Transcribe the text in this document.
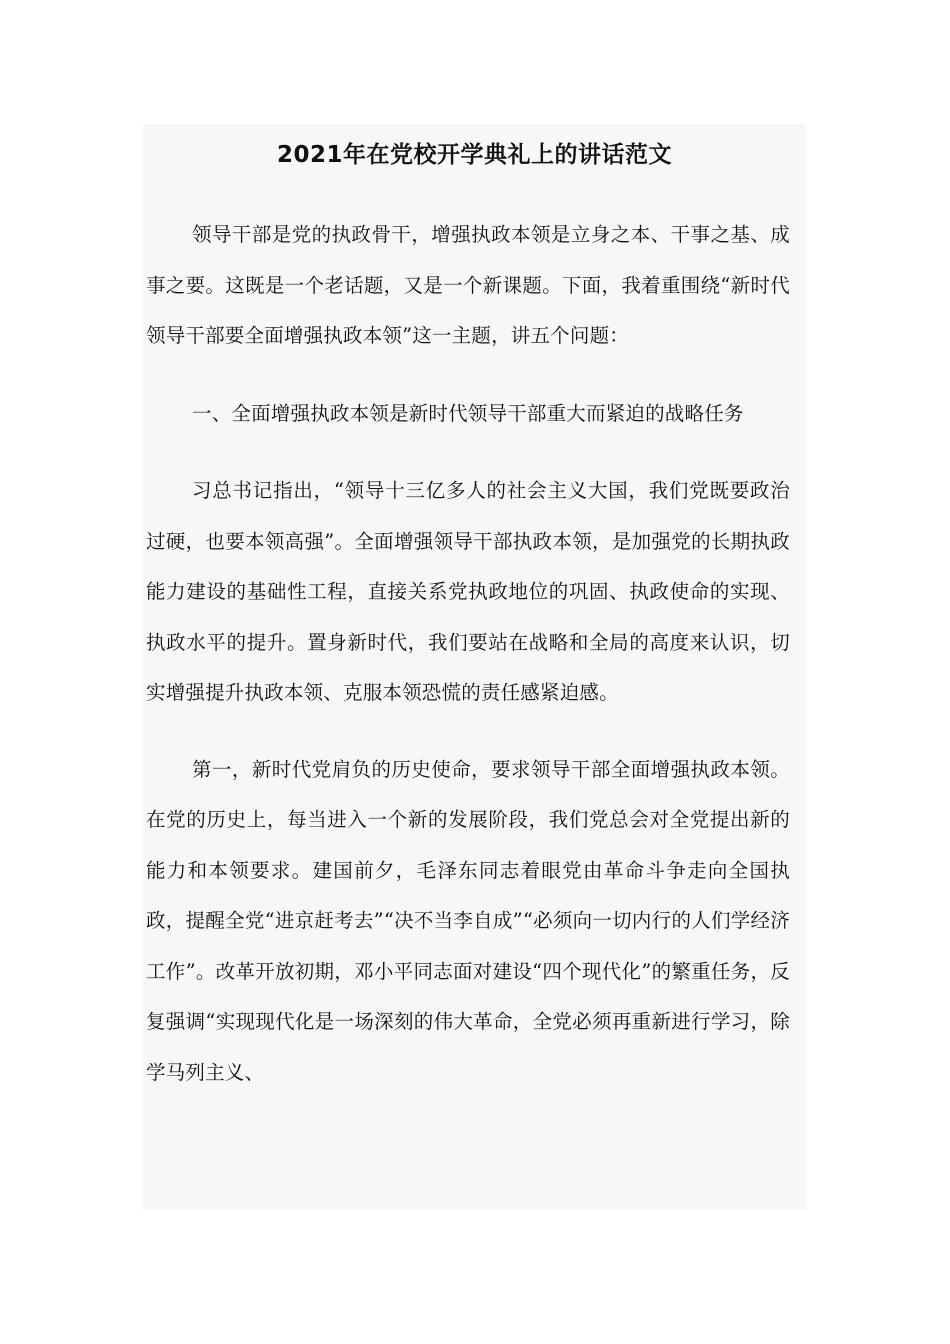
2021年在党校开学典礼上的讲话范文

领导干部是党的执政骨干，增强执政本领是立身之本、干事之基、成事之要。这既是一个老话题，又是一个新课题。下面，我着重围绕“新时代领导干部要全面增强执政本领”这一主题，讲五个问题：

一、全面增强执政本领是新时代领导干部重大而紧迫的战略任务

习总书记指出，“领导十三亿多人的社会主义大国，我们党既要政治过硬，也要本领高强”。全面增强领导干部执政本领，是加强党的长期执政能力建设的基础性工程，直接关系党执政地位的巩固、执政使命的实现、执政水平的提升。置身新时代，我们要站在战略和全局的高度来认识，切实增强提升执政本领、克服本领恐慌的责任感紧迫感。

第一，新时代党肩负的历史使命，要求领导干部全面增强执政本领。在党的历史上，每当进入一个新的发展阶段，我们党总会对全党提出新的能力和本领要求。建国前夕，毛泽东同志着眼党由革命斗争走向全国执政，提醒全党“进京赶考去”“决不当李自成”“必须向一切内行的人们学经济工作”。改革开放初期，邓小平同志面对建设“四个现代化”的繁重任务，反复强调“实现现代化是一场深刻的伟大革命，全党必须再重新进行学习，除学马列主义、
